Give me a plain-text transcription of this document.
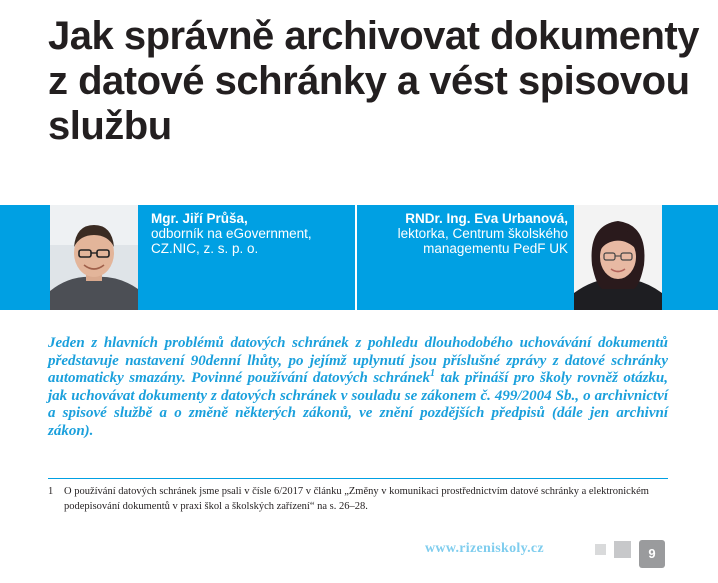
Jak správně archivovat dokumenty z datové schránky a vést spisovou službu
Mgr. Jiří Průša,
odborník na eGovernment,
CZ.NIC, z. s. p. o.
RNDr. Ing. Eva Urbanová,
lektorka, Centrum školského
managementu PedF UK

Jeden z hlavních problémů datových schránek z pohledu dlouhodobého uchovávání dokumentů představuje nastavení 90denní lhůty, po jejímž uplynutí jsou příslušné zprávy z datové schránky automaticky smazány. Povinné používání datových schránek$^1$ tak přináší pro školy rovněž otázku, jak uchovávat dokumenty z datových schránek v souladu se zákonem č. 499/2004 Sb., o archivnictví a spisové službě a o změně některých zákonů, ve znění pozdějších předpisů (dále jen archivní zákon).

1 O používání datových schránek jsme psali v čísle 6/2017 v článku „Změny v komunikaci prostřednictvím datové schránky a elektronickém podepisování dokumentů v praxi škol a školských zařízení“ na s. 26–28.
www.rizeniskoly.cz	9
